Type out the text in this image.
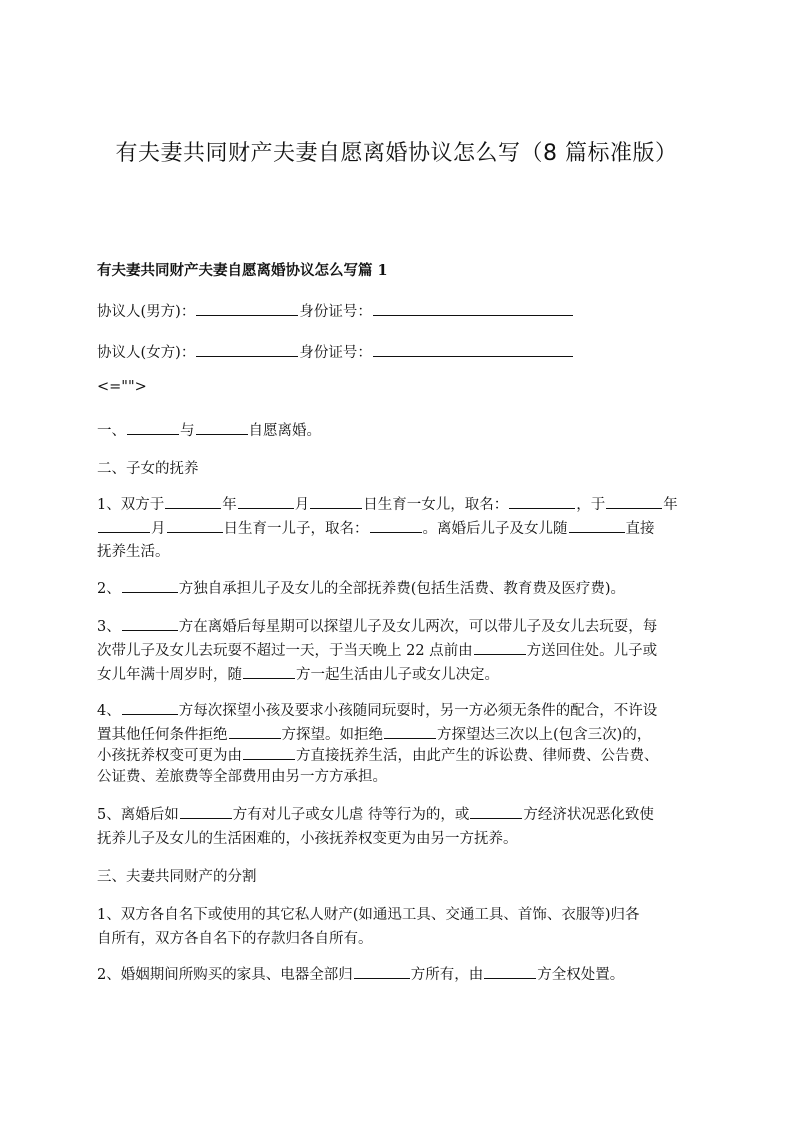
有夫妻共同财产夫妻自愿离婚协议怎么写（8 篇标准版）
有夫妻共同财产夫妻自愿离婚协议怎么写篇 1
协议人(男方)：	身份证号：
协议人(女方)：	身份证号：
<="">
一、	与	自愿离婚。
二、子女的抚养
1、双方于	年	月	日生育一女儿，取名：	，于	年
月	日生育一儿子，取名：	。离婚后儿子及女儿随	直接
抚养生活。
2、	方独自承担儿子及女儿的全部抚养费(包括生活费、教育费及医疗费)。
3、	方在离婚后每星期可以探望儿子及女儿两次，可以带儿子及女儿去玩耍，每
次带儿子及女儿去玩耍不超过一天，于当天晚上 22 点前由	方送回住处。儿子或
女儿年满十周岁时，随	方一起生活由儿子或女儿决定。
4、	方每次探望小孩及要求小孩随同玩耍时，另一方必须无条件的配合，不许设
置其他任何条件拒绝	方探望。如拒绝	方探望达三次以上(包含三次)的，
小孩抚养权变可更为由	方直接抚养生活，由此产生的诉讼费、律师费、公告费、
公证费、差旅费等全部费用由另一方方承担。
5、离婚后如	方有对儿子或女儿虐 待等行为的，或	方经济状况恶化致使
抚养儿子及女儿的生活困难的，小孩抚养权变更为由另一方抚养。
三、夫妻共同财产的分割
1、双方各自名下或使用的其它私人财产(如通迅工具、交通工具、首饰、衣服等)归各
自所有，双方各自名下的存款归各自所有。
2、婚姻期间所购买的家具、电器全部归	方所有，由	方全权处置。
